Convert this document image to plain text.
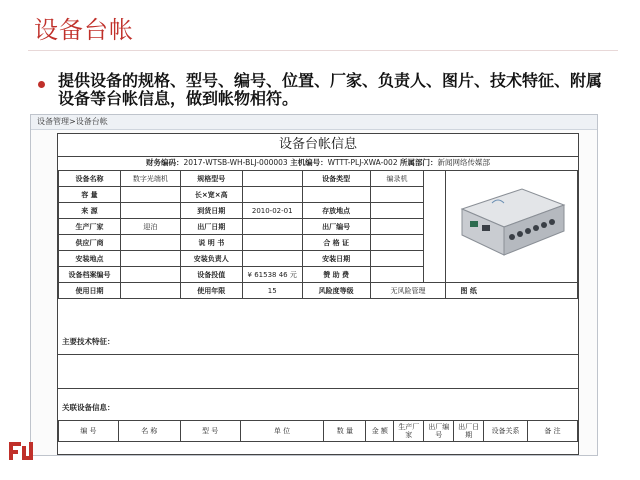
设备台帐
提供设备的规格、型号、编号、位置、厂家、负责人、图片、技术特征、附属设备等台帐信息，做到帐物相符。
设备管理>设备台帐
设备台帐信息
财务编码：2017-WTSB-WH-BLJ-000003 主机编号：WTTT-PLJ-XWA-002 所属部门：新闻网络传媒部
设备名称	数字光端机	规格型号		设备类型	编录机		

容 量		长×宽×高					
来 源		到货日期	2010-02-01	存放地点			
生产厂家	迎泊	出厂日期		出厂编号			
供应厂商		说 明 书		合 格 证			
安装地点		安装负责人		安装日期			
设备档案编号		设备投值	¥ 61538 46 元	赞 助 费			
使用日期		使用年限	15	风险度等级	无风险管理		图 纸
主要技术特征：
关联设备信息：
编 号	名 称	型 号	单 位	数 量	金 额	生产厂家	出厂编号	出厂日期	设备关系	备 注
